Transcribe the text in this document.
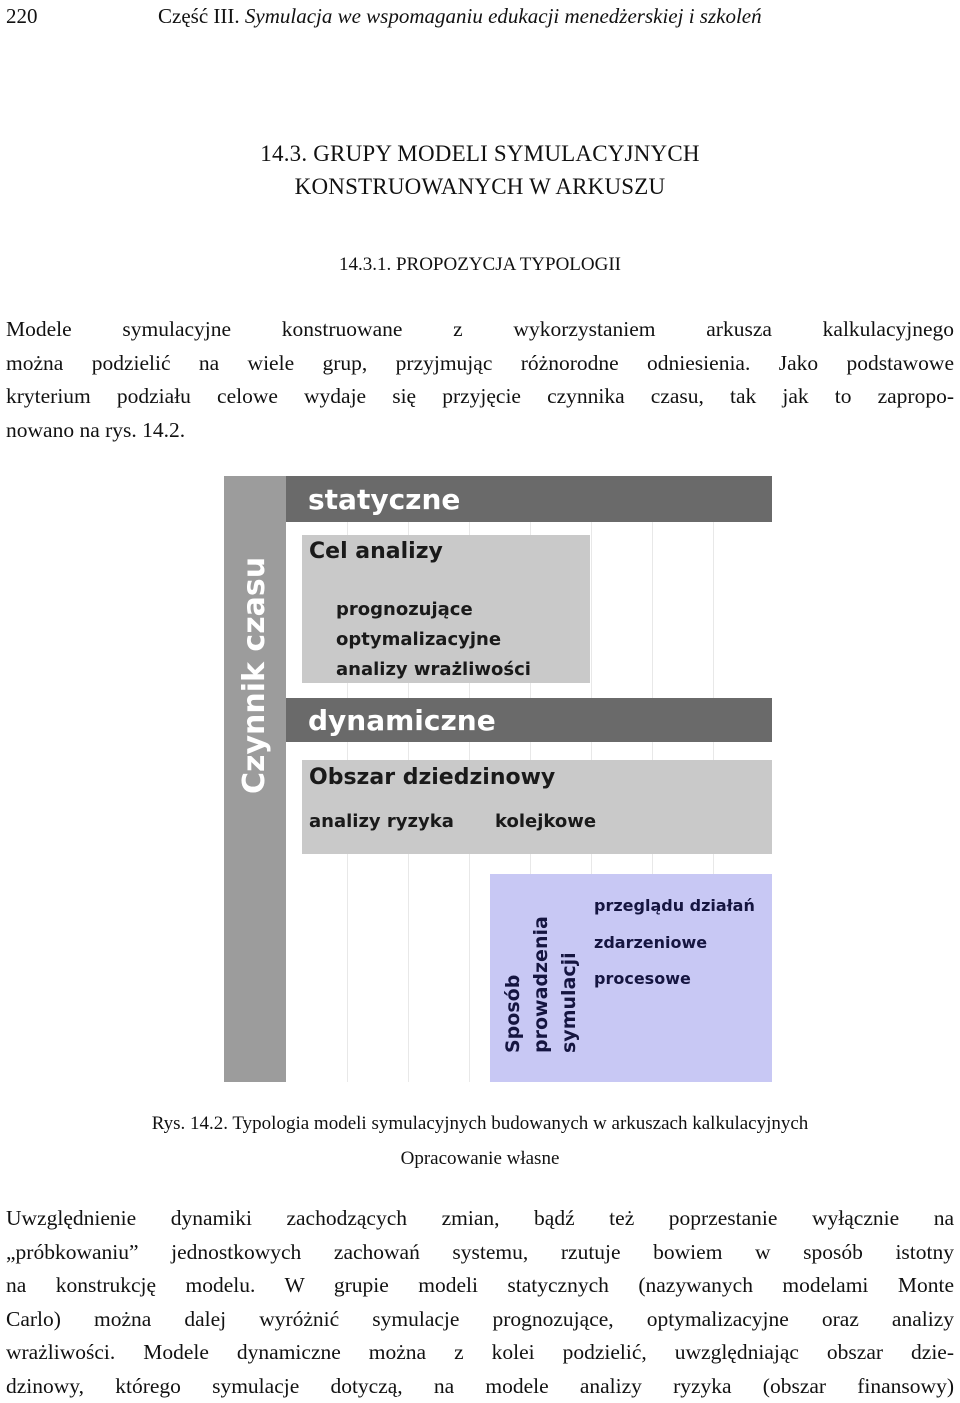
220	Część III. Symulacja we wspomaganiu edukacji menedżerskiej i szkoleń
14.3. GRUPY MODELI SYMULACYJNYCH
KONSTRUOWANYCH W ARKUSZU
14.3.1. PROPOZYCJA TYPOLOGII
Modele symulacyjne konstruowane z wykorzystaniem arkusza kalkulacyjnego
można podzielić na wiele grup, przyjmując różnorodne odniesienia. Jako podstawowe
kryterium podziału celowe wydaje się przyjęcie czynnika czasu, tak jak to zapropo-
nowano na rys. 14.2.
Czynnik czasu
statyczne
Cel analizy
prognozujące
optymalizacyjne
analizy wrażliwości
dynamiczne
Obszar dziedzinowy
analizy ryzyka kolejkowe
Sposób prowadzenia symulacji
przeglądu działań
zdarzeniowe
procesowe
Rys. 14.2. Typologia modeli symulacyjnych budowanych w arkuszach kalkulacyjnych
Opracowanie własne
Uwzględnienie dynamiki zachodzących zmian, bądź też poprzestanie wyłącznie na
„próbkowaniu” jednostkowych zachowań systemu, rzutuje bowiem w sposób istotny
na konstrukcję modelu. W grupie modeli statycznych (nazywanych modelami Monte
Carlo) można dalej wyróżnić symulacje prognozujące, optymalizacyjne oraz analizy
wrażliwości. Modele dynamiczne można z kolei podzielić, uwzględniając obszar dzie-
dzinowy, którego symulacje dotyczą, na modele analizy ryzyka (obszar finansowy)
